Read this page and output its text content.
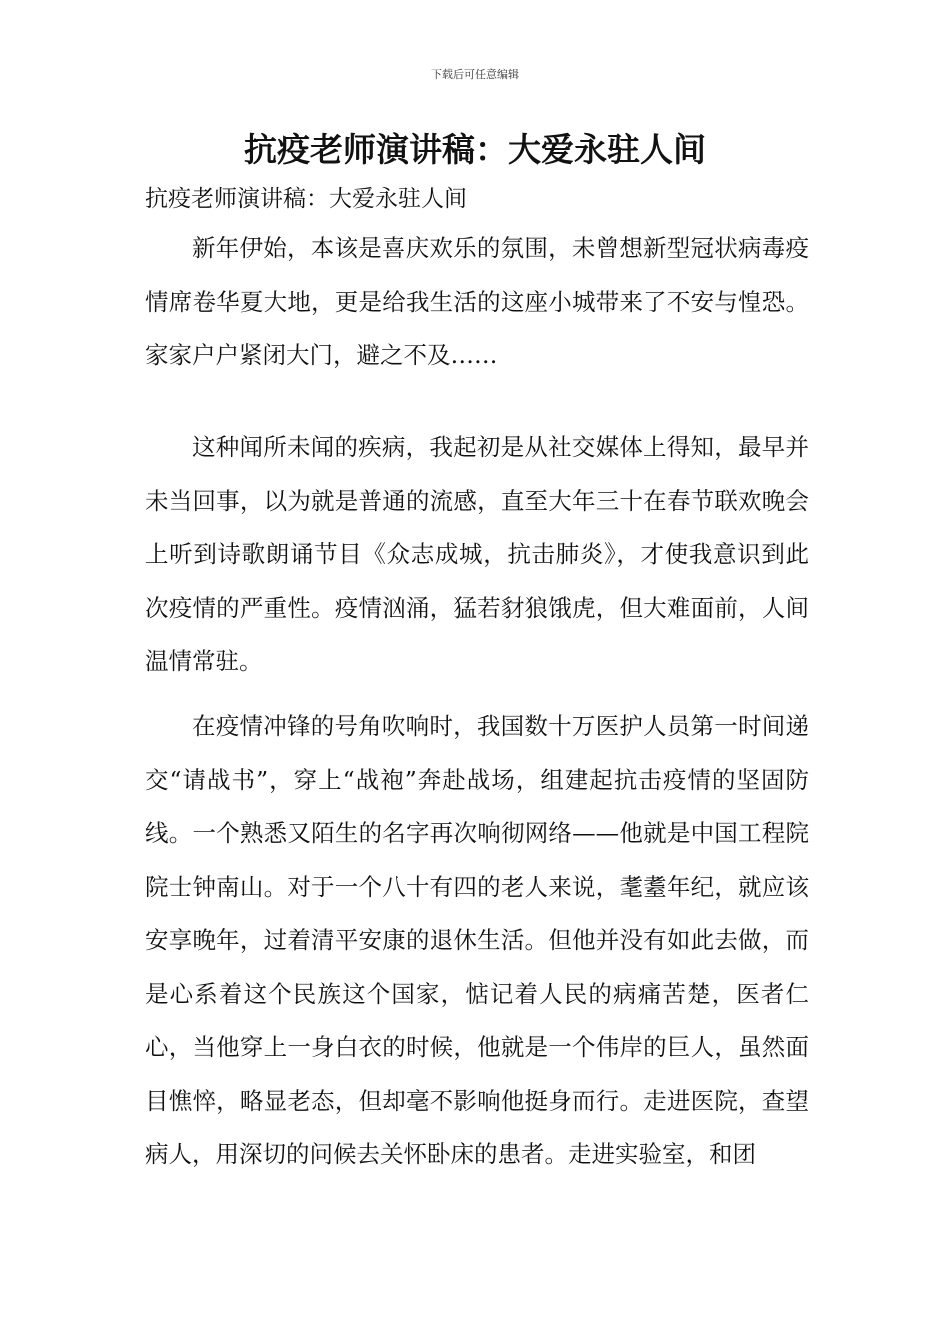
下载后可任意编辑
抗疫老师演讲稿：大爱永驻人间
抗疫老师演讲稿：大爱永驻人间

新年伊始，本该是喜庆欢乐的氛围，未曾想新型冠状病毒疫情席卷华夏大地，更是给我生活的这座小城带来了不安与惶恐。家家户户紧闭大门，避之不及……

这种闻所未闻的疾病，我起初是从社交媒体上得知，最早并未当回事，以为就是普通的流感，直至大年三十在春节联欢晚会上听到诗歌朗诵节目《众志成城，抗击肺炎》，才使我意识到此次疫情的严重性。疫情汹涌，猛若豺狼饿虎，但大难面前，人间温情常驻。

在疫情冲锋的号角吹响时，我国数十万医护人员第一时间递交“请战书”，穿上“战袍”奔赴战场，组建起抗击疫情的坚固防线。一个熟悉又陌生的名字再次响彻网络——他就是中国工程院院士钟南山。对于一个八十有四的老人来说，耄耋年纪，就应该安享晚年，过着清平安康的退休生活。但他并没有如此去做，而是心系着这个民族这个国家，惦记着人民的病痛苦楚，医者仁心，当他穿上一身白衣的时候，他就是一个伟岸的巨人，虽然面目憔悴，略显老态，但却毫不影响他挺身而行。走进医院，查望病人，用深切的问候去关怀卧床的患者。走进实验室，和团
